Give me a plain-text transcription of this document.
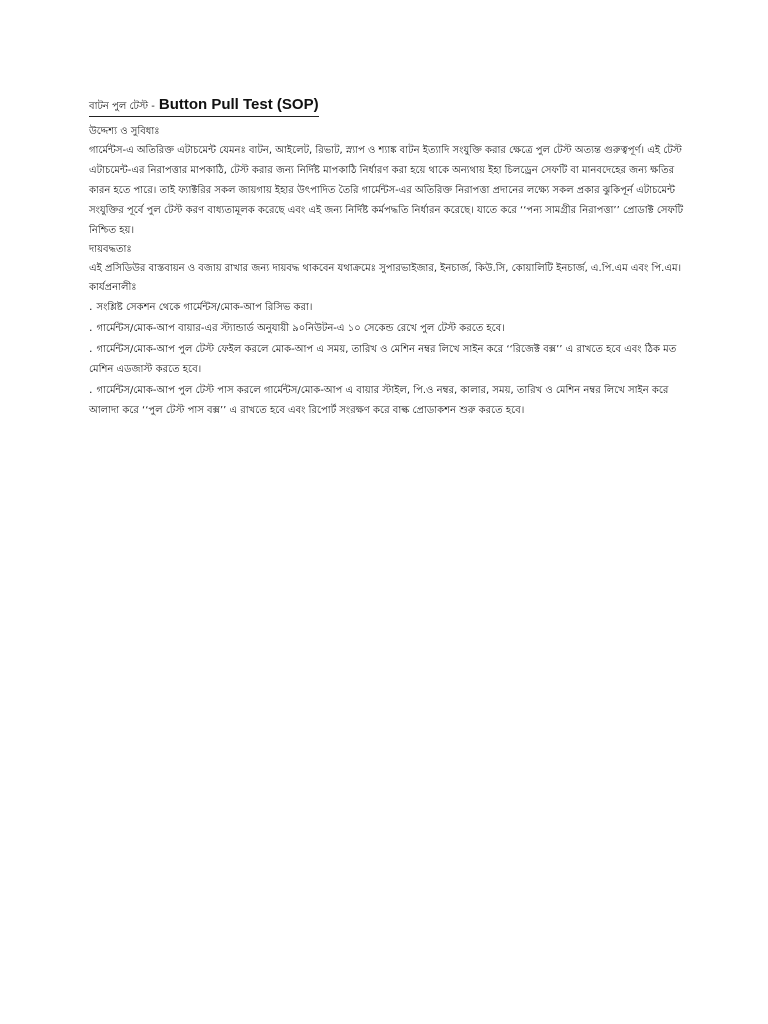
বাটন পুল টেস্ট - Button Pull Test (SOP)

উদ্দেশ্য ও সুবিধাঃ

গার্মেন্টস-এ অতিরিক্ত এটাচমেন্ট যেমনঃ বাটন, আইলেট, রিভাট, স্ন্যাপ ও শ্যাঙ্ক বাটন ইত্যাদি সংযুক্তি করার ক্ষেত্রে পুল টেস্ট অত্যন্ত গুরুত্বপূর্ণ। এই টেস্ট এটাচমেন্ট-এর নিরাপত্তার মাপকাঠি, টেস্ট করার জন্য নির্দিষ্ট মাপকাঠি নির্ধারণ করা হয়ে থাকে অন্যথায় ইহা চিলড্রেন সেফটি বা মানবদেহের জন্য ক্ষতির কারন হতে পারে। তাই ফ্যাক্টরির সকল জায়গায় ইহার উৎপাদিত তৈরি গার্মেন্টস-এর অতিরিক্ত নিরাপত্তা প্রদানের লক্ষ্যে সকল প্রকার ঝুকিপূর্ন এটাচমেন্ট সংযুক্তির পূর্বে পুল টেস্ট করণ বাধ্যতামূলক করেছে এবং এই জন্য নির্দিষ্ট কর্মপদ্ধতি নির্ধারন করেছে। যাতে করে ‘‘পন্য সামগ্রীর নিরাপত্তা’’ প্রোডাক্ট সেফটি নিশ্চিত হয়।

দায়বদ্ধতাঃ

এই প্রসিডিউর বাস্তবায়ন ও বজায় রাখার জন্য দায়বদ্ধ থাকবেন যথাক্রমেঃ সুপারভাইজার, ইনচার্জ, কিউ.সি, কোয়ালিটি ইনচার্জ, এ.পি.এম এবং পি.এম।

কার্যপ্রনালীঃ

. সংশ্লিষ্ট সেকশন থেকে গার্মেন্টস/মোক-আপ রিসিভ করা।

. গার্মেন্টস/মোক-আপ বায়ার-এর স্ট্যান্ডার্ড অনুযায়ী ৯০নিউটন-এ ১০ সেকেন্ড রেখে পুল টেস্ট করতে হবে।

. গার্মেন্টস/মোক-আপ পুল টেস্ট ফেইল করলে মোক-আপ এ সময়, তারিখ ও মেশিন নম্বর লিখে সাইন করে ‘‘রিজেক্ট বক্স’’ এ রাখতে হবে এবং ঠিক মত মেশিন এডজাস্ট করতে হবে।

. গার্মেন্টস/মোক-আপ পুল টেস্ট পাস করলে গার্মেন্টস/মোক-আপ এ বায়ার স্টাইল, পি.ও নম্বর, কালার, সময়, তারিখ ও মেশিন নম্বর লিখে সাইন করে আলাদা করে ‘‘পুল টেস্ট পাস বক্স’’ এ রাখতে হবে এবং রিপোর্ট সংরক্ষণ করে বাল্ক প্রোডাকশন শুরু করতে হবে।
